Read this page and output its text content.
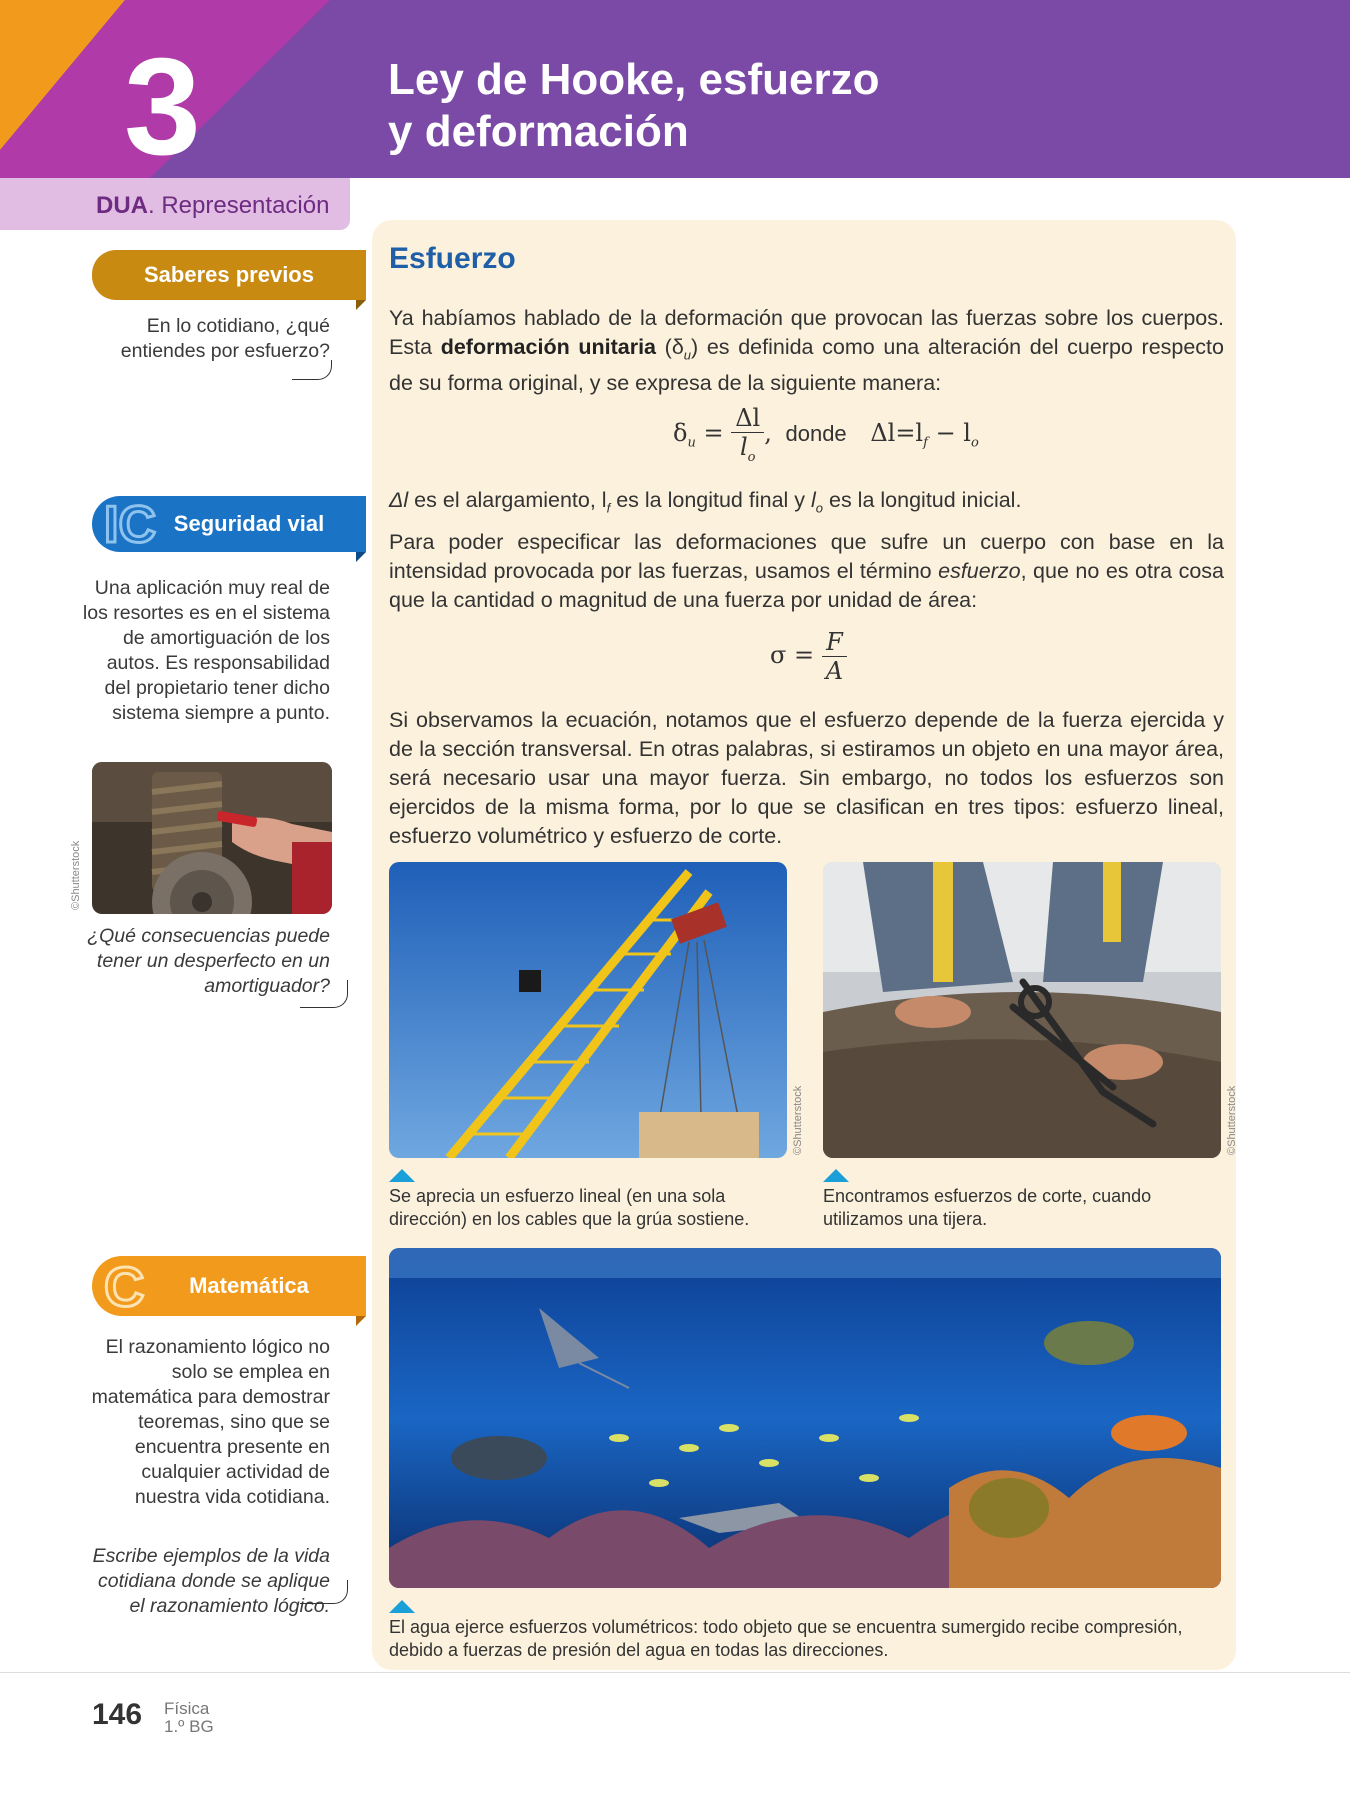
3	Ley de Hooke, esfuerzo
y deformación
DUA. Representación
Saberes previos
En lo cotidiano, ¿qué entiendes por esfuerzo?
IC Seguridad vial
Una aplicación muy real de los resortes es en el sistema de amortiguación de los autos. Es responsabilidad del propietario tener dicho sistema siempre a punto.
©Shutterstock
¿Qué consecuencias puede tener un desperfecto en un amortiguador?
C	Matemática
El razonamiento lógico no solo se emplea en matemática para demostrar teoremas, sino que se encuentra presente en cualquier actividad de nuestra vida cotidiana.
Escribe ejemplos de la vida cotidiana donde se aplique el razonamiento lógico.
Esfuerzo
Ya habíamos hablado de la deformación que provocan las fuerzas sobre los cuerpos. Esta deformación unitaria $(\delta_u)$ es definida como una alteración del cuerpo respecto de su forma original, y se expresa de la siguiente manera:
$\delta_u = \frac{\Delta l}{l_o}$ , donde $\Delta l=l_f - l_o$
Δl es el alargamiento, $l_f$ es la longitud final y $l_o$ es la longitud inicial.
Para poder especificar las deformaciones que sufre un cuerpo con base en la intensidad provocada por las fuerzas, usamos el término esfuerzo, que no es otra cosa que la cantidad o magnitud de una fuerza por unidad de área:
$\sigma = \frac{F}{A}$
Si observamos la ecuación, notamos que el esfuerzo depende de la fuerza ejercida y de la sección transversal. En otras palabras, si estiramos un objeto en una mayor área, será necesario usar una mayor fuerza. Sin embargo, no todos los esfuerzos son ejercidos de la misma forma, por lo que se clasifican en tres tipos: esfuerzo lineal, esfuerzo volumétrico y esfuerzo de corte.
©Shutterstock
Se aprecia un esfuerzo lineal (en una sola dirección) en los cables que la grúa sostiene.
©Shutterstock
Encontramos esfuerzos de corte, cuando utilizamos una tijera.
El agua ejerce esfuerzos volumétricos: todo objeto que se encuentra sumergido recibe compresión, debido a fuerzas de presión del agua en todas las direcciones.
146 Física
1.º BG
